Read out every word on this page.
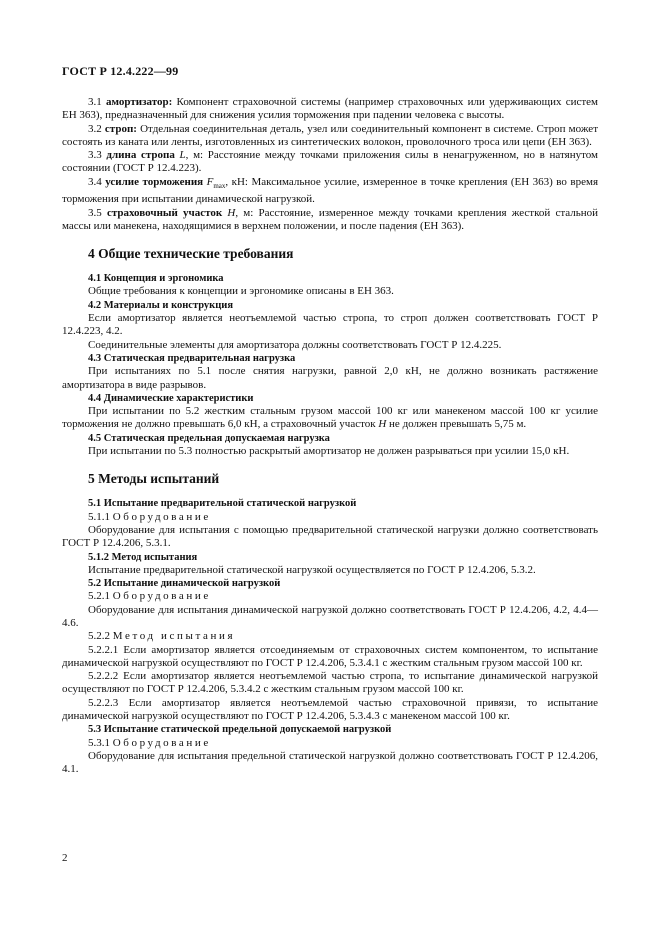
ГОСТ Р 12.4.222—99

3.1 амортизатор: Компонент страховочной системы (например страховочных или удерживающих систем ЕН 363), предназначенный для снижения усилия торможения при падении человека с высоты.

3.2 строп: Отдельная соединительная деталь, узел или соединительный компонент в системе. Строп может состоять из каната или ленты, изготовленных из синтетических волокон, проволочного троса или цепи (ЕН 363).

3.3 длина стропа L, м: Расстояние между точками приложения силы в ненагруженном, но в натянутом состоянии (ГОСТ Р 12.4.223).

3.4 усилие торможения $F_{max}$, кН: Максимальное усилие, измеренное в точке крепления (ЕН 363) во время торможения при испытании динамической нагрузкой.

3.5 страховочный участок H, м: Расстояние, измеренное между точками крепления жесткой стальной массы или манекена, находящимися в верхнем положении, и после падения (ЕН 363).

4 Общие технические требования

4.1 Концепция и эргономика

Общие требования к концепции и эргономике описаны в ЕН 363.

4.2 Материалы и конструкция

Если амортизатор является неотъемлемой частью стропа, то строп должен соответствовать ГОСТ Р 12.4.223, 4.2.

Соединительные элементы для амортизатора должны соответствовать ГОСТ Р 12.4.225.

4.3 Статическая предварительная нагрузка

При испытаниях по 5.1 после снятия нагрузки, равной 2,0 кН, не должно возникать растяжение амортизатора в виде разрывов.

4.4 Динамические характеристики

При испытании по 5.2 жестким стальным грузом массой 100 кг или манекеном массой 100 кг усилие торможения не должно превышать 6,0 кН, а страховочный участок H не должен превышать 5,75 м.

4.5 Статическая предельная допускаемая нагрузка

При испытании по 5.3 полностью раскрытый амортизатор не должен разрываться при усилии 15,0 кН.

5 Методы испытаний

5.1 Испытание предварительной статической нагрузкой

5.1.1 Оборудование

Оборудование для испытания с помощью предварительной статической нагрузки должно соответствовать ГОСТ Р 12.4.206, 5.3.1.

5.1.2 Метод испытания

Испытание предварительной статической нагрузкой осуществляется по ГОСТ Р 12.4.206, 5.3.2.

5.2 Испытание динамической нагрузкой

5.2.1 Оборудование

Оборудование для испытания динамической нагрузкой должно соответствовать ГОСТ Р 12.4.206, 4.2, 4.4—4.6.

5.2.2 Метод испытания

5.2.2.1 Если амортизатор является отсоединяемым от страховочных систем компонентом, то испытание динамической нагрузкой осуществляют по ГОСТ Р 12.4.206, 5.3.4.1 с жестким стальным грузом массой 100 кг.

5.2.2.2 Если амортизатор является неотъемлемой частью стропа, то испытание динамической нагрузкой осуществляют по ГОСТ Р 12.4.206, 5.3.4.2 с жестким стальным грузом массой 100 кг.

5.2.2.3 Если амортизатор является неотъемлемой частью страховочной привязи, то испытание динамической нагрузкой осуществляют по ГОСТ Р 12.4.206, 5.3.4.3 с манекеном массой 100 кг.

5.3 Испытание статической предельной допускаемой нагрузкой

5.3.1 Оборудование

Оборудование для испытания предельной статической нагрузкой должно соответствовать ГОСТ Р 12.4.206, 4.1.

2
